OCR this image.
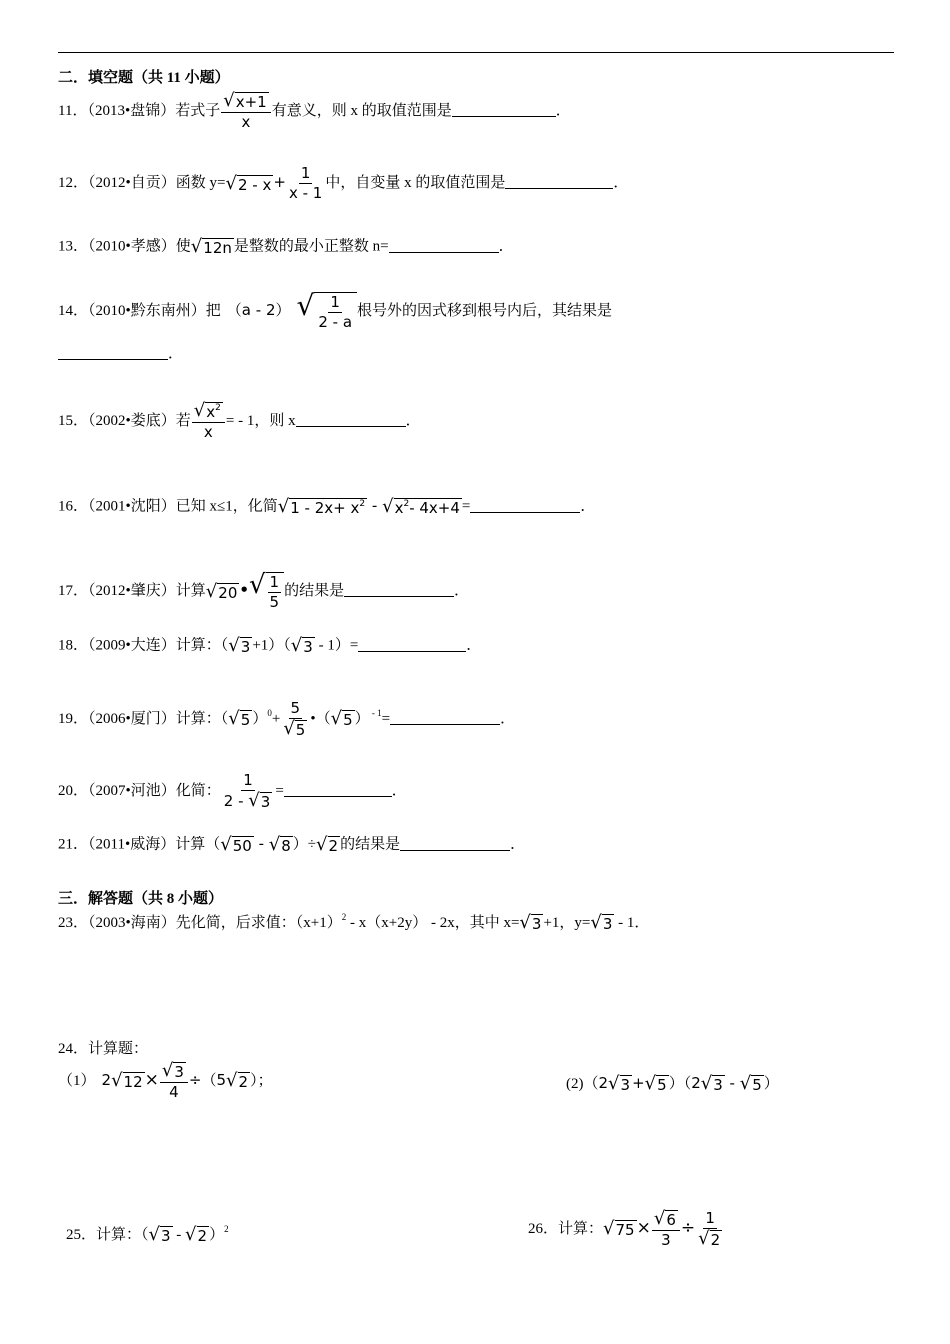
二．填空题（共 11 小题）
11．（2013•盘锦）若式子 $\frac{√ x+1}{x}$ 有意义，则 x 的取值范围是	．
12．（2012•自贡）函数 y= √ $2 - x + \frac{1}{x - 1}$ 中，自变量 x 的取值范围是	．
13．（2010•孝感）使 √ 12n 是整数的最小正整数 n=	．
14．（2010•黔东南州）把 （a - 2） √ $\frac{1}{2 - a}$ 根号外的因式移到根号内后，其结果是
．
15．（2002•娄底）若 $\frac{√ x^2}{x}$ = - 1，则 x	．
16．（2001•沈阳）已知 x≤1，化简 √ $1 - 2x+ x^2$ - √ $x^2-$ 4x+4 =	．
17．（2012•肇庆）计算 √ 20 • √ $\frac{1}{5}$ 的结果是	．
18．（2009•大连）计算：（ √ 3 +1）（ √ 3 - 1）=	．
19．（2006•厦门）计算：（ √ 5 ）$^0+ \frac{5}{√ 5}$ •（ √ 5 ） $^{- 1}$=	．
20．（2007•河池）化简： $\frac{1}{2 - √ 3}$ =	．
21．（2011•威海）计算（ √ 50 - √ 8 ）÷ √ 2 的结果是	．
三．解答题（共 8 小题）
23．（2003•海南）先化简，后求值：$(x+1)^2 - x(x+2y) - 2x$，其中 x= √ 3 +1，y= √ 3 - 1．
24．计算题：
（1） 2 √ $12 \times \frac{√ 3}{4} \div(5$ √ 2 ）；	(2)（2 √ 3 + √ 5 ）（2 √ 3 - √ 5 ）
25．计算：（ √ 3 - √ 2 ）$^2$	26．计算： √ $75 \times \frac{√ 6}{3} \div \frac{1}{√ 2}$
